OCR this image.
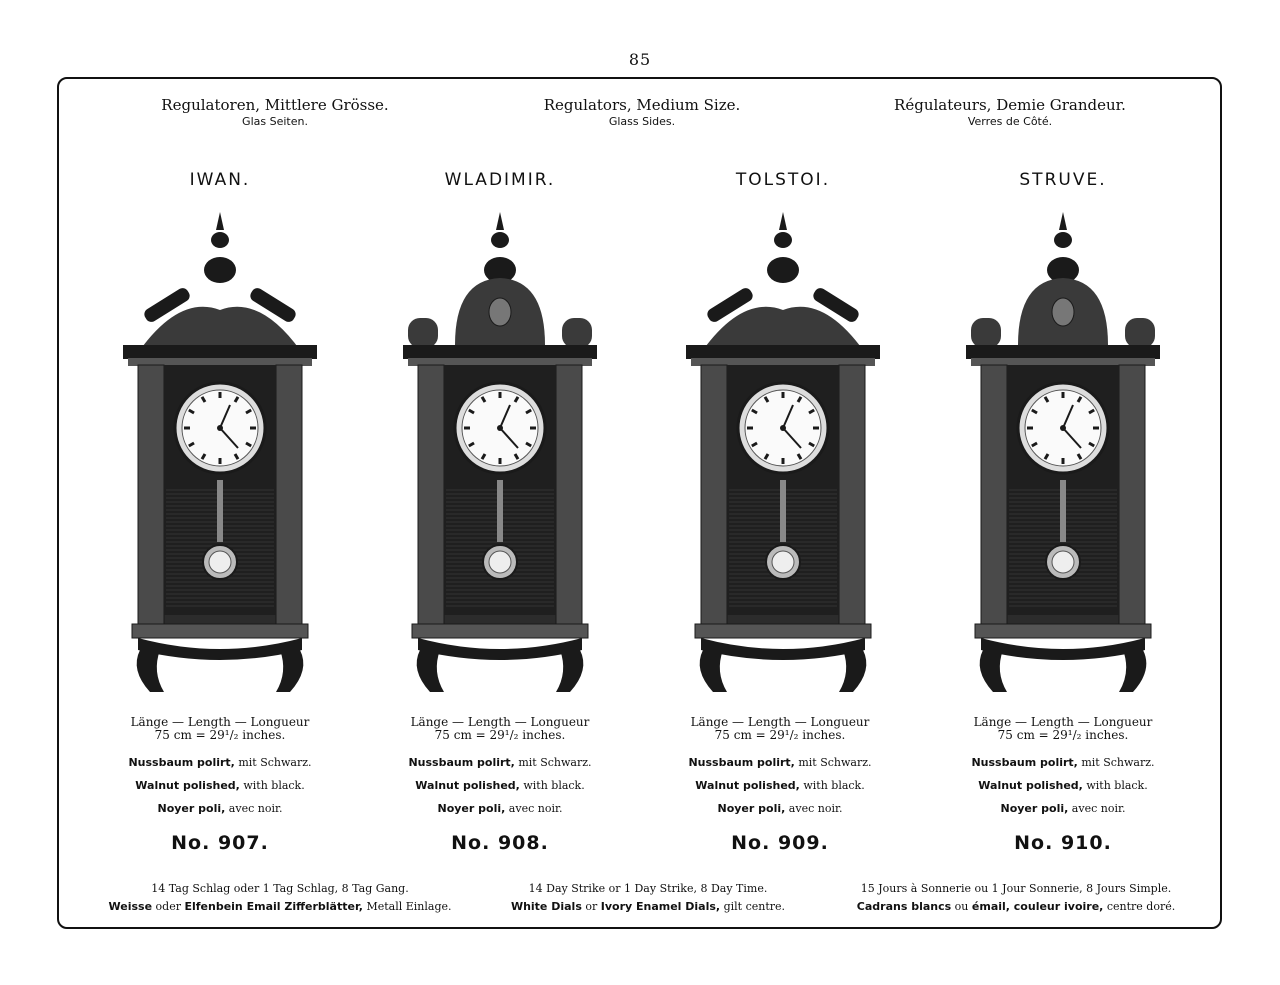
85
Regulatoren, Mittlere Grösse.
Glas Seiten.
Regulators, Medium Size.
Glass Sides.
Régulateurs, Demie Grandeur.
Verres de Côté.
IWAN.	WLADIMIR.	TOLSTOI.	STRUVE.
Länge — Length — Longueur
75 cm = 29¹/₂ inches.
Nussbaum polirt, mit Schwarz.
Walnut polished, with black.
Noyer poli, avec noir.
Länge — Length — Longueur
75 cm = 29¹/₂ inches.
Nussbaum polirt, mit Schwarz.
Walnut polished, with black.
Noyer poli, avec noir.
Länge — Length — Longueur
75 cm = 29¹/₂ inches.
Nussbaum polirt, mit Schwarz.
Walnut polished, with black.
Noyer poli, avec noir.
Länge — Length — Longueur
75 cm = 29¹/₂ inches.
Nussbaum polirt, mit Schwarz.
Walnut polished, with black.
Noyer poli, avec noir.
No. 907.	No. 908.	No. 909.	No. 910.
14 Tag Schlag oder 1 Tag Schlag, 8 Tag Gang.
Weisse oder Elfenbein Email Zifferblätter, Metall Einlage.
14 Day Strike or 1 Day Strike, 8 Day Time.
White Dials or Ivory Enamel Dials, gilt centre.
15 Jours à Sonnerie ou 1 Jour Sonnerie, 8 Jours Simple.
Cadrans blancs ou émail, couleur ivoire, centre doré.
